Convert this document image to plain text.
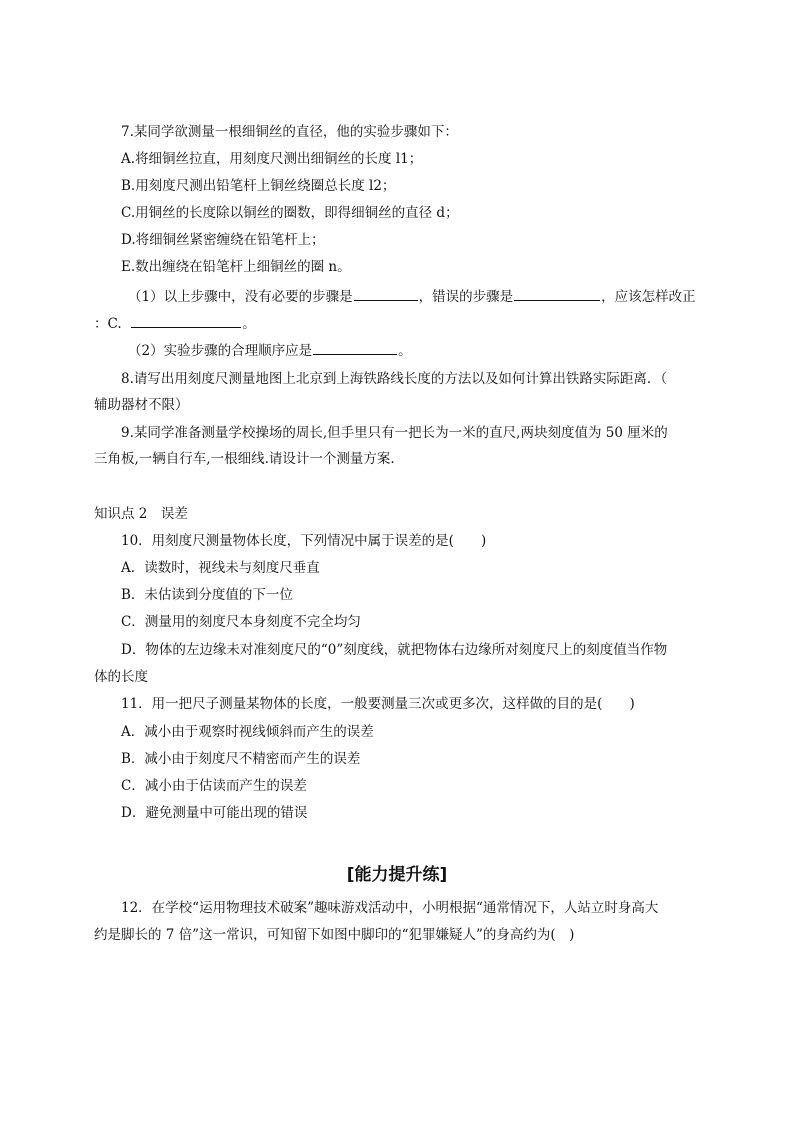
7.某同学欲测量一根细铜丝的直径，他的实验步骤如下：
A.将细铜丝拉直，用刻度尺测出细铜丝的长度 l1；
B.用刻度尺测出铅笔杆上铜丝绕圈总长度 l2；
C.用铜丝的长度除以铜丝的圈数，即得细铜丝的直径 d；
D.将细铜丝紧密缠绕在铅笔杆上；
E.数出缠绕在铅笔杆上细铜丝的圈 n。
（1）以上步骤中，没有必要的步骤是	，错误的步骤是	，应该怎样改正
：C.	。
（2）实验步骤的合理顺序应是	。
8.请写出用刻度尺测量地图上北京到上海铁路线长度的方法以及如何计算出铁路实际距离．（
辅助器材不限）
9.某同学准备测量学校操场的周长,但手里只有一把长为一米的直尺,两块刻度值为 50 厘米的
三角板,一辆自行车,一根细线.请设计一个测量方案.
知识点 2　误差
10．用刻度尺测量物体长度，下列情况中属于误差的是(　　)
A．读数时，视线未与刻度尺垂直
B．未估读到分度值的下一位
C．测量用的刻度尺本身刻度不完全均匀
D．物体的左边缘未对准刻度尺的“0”刻度线，就把物体右边缘所对刻度尺上的刻度值当作物
体的长度
11．用一把尺子测量某物体的长度，一般要测量三次或更多次，这样做的目的是(　　)
A．减小由于观察时视线倾斜而产生的误差
B．减小由于刻度尺不精密而产生的误差
C．减小由于估读而产生的误差
D．避免测量中可能出现的错误
[能力提升练]
12．在学校“运用物理技术破案”趣味游戏活动中，小明根据“通常情况下，人站立时身高大
约是脚长的 7 倍”这一常识，可知留下如图中脚印的“犯罪嫌疑人”的身高约为(　)
